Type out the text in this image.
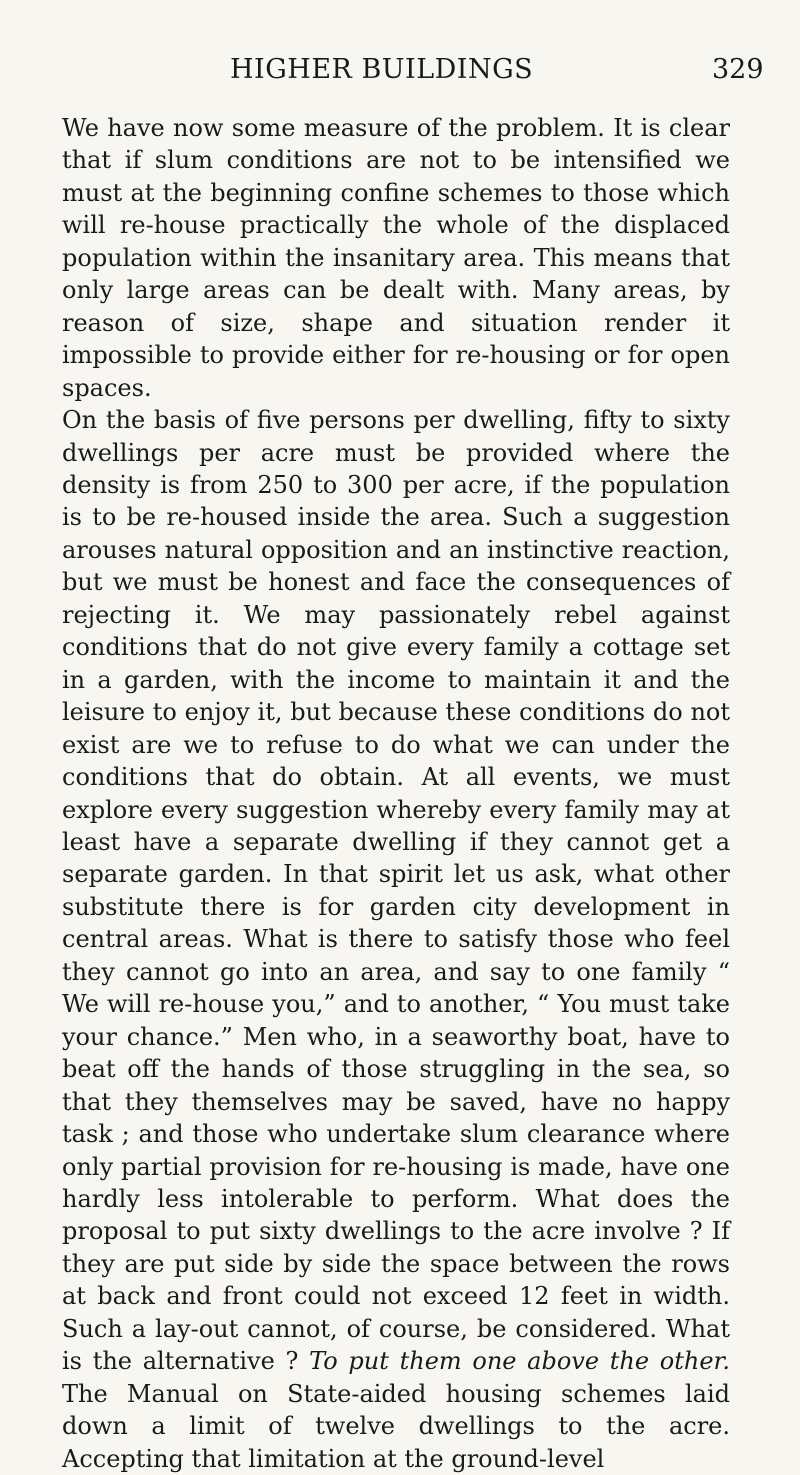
HIGHER BUILDINGS	329

We have now some measure of the problem. It is clear that if slum conditions are not to be intensified we must at the beginning confine schemes to those which will re-house practically the whole of the displaced population within the insanitary area. This means that only large areas can be dealt with. Many areas, by reason of size, shape and situation render it impossible to provide either for re-housing or for open spaces.

On the basis of five persons per dwelling, fifty to sixty dwellings per acre must be provided where the density is from 250 to 300 per acre, if the population is to be re-housed inside the area. Such a suggestion arouses natural opposition and an instinctive reaction, but we must be honest and face the consequences of rejecting it. We may passionately rebel against conditions that do not give every family a cottage set in a garden, with the income to maintain it and the leisure to enjoy it, but because these conditions do not exist are we to refuse to do what we can under the conditions that do obtain. At all events, we must explore every suggestion whereby every family may at least have a separate dwelling if they cannot get a separate garden. In that spirit let us ask, what other substitute there is for garden city development in central areas. What is there to satisfy those who feel they cannot go into an area, and say to one family “ We will re-house you,” and to another, “ You must take your chance.” Men who, in a seaworthy boat, have to beat off the hands of those struggling in the sea, so that they themselves may be saved, have no happy task ; and those who undertake slum clearance where only partial provision for re-housing is made, have one hardly less intolerable to perform. What does the proposal to put sixty dwellings to the acre involve ? If they are put side by side the space between the rows at back and front could not exceed 12 feet in width. Such a lay-out cannot, of course, be considered. What is the alternative ? To put them one above the other. The Manual on State-aided housing schemes laid down a limit of twelve dwellings to the acre. Accepting that limitation at the ground-level
